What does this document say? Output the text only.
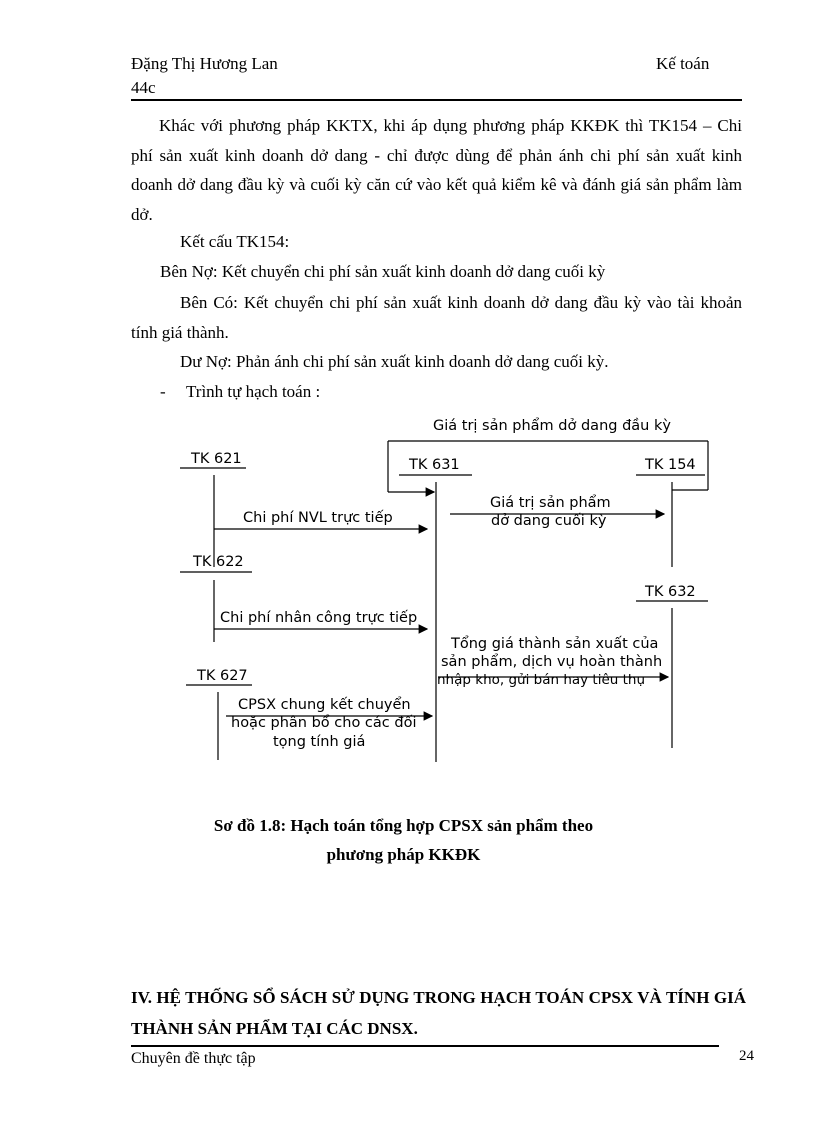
Đặng Thị Hương Lan
44c
Kế toán
Khác với phương pháp KKTX, khi áp dụng phương pháp KKĐK thì TK154 – Chi phí sản xuất kinh doanh dở dang - chỉ được dùng để phản ánh chi phí sản xuất kinh doanh dở dang đầu kỳ và cuối kỳ căn cứ vào kết quả kiểm kê và đánh giá sản phẩm làm dở.
Kết cấu TK154:
Bên Nợ: Kết chuyển chi phí sản xuất kinh doanh dở dang cuối kỳ
Bên Có: Kết chuyển chi phí sản xuất kinh doanh dở dang đầu kỳ vào tài khoản tính giá thành.
Dư Nợ: Phản ánh chi phí sản xuất kinh doanh dở dang cuối kỳ.
- Trình tự hạch toán :
Giá trị sản phẩm dở dang đầu kỳ
TK 621	TK 631	TK 154
TK 622
TK 632
TK 627
Chi phí NVL trực tiếp
Chi phí nhân công trực tiếp
Giá trị sản phẩm
dở dang cuối kỳ
Tổng giá thành sản xuất của
sản phẩm, dịch vụ hoàn thành
nhập kho, gửi bán hay tiêu thụ
CPSX chung kết chuyển
hoặc phân bổ cho các đối
tọng tính giá
Sơ đồ 1.8: Hạch toán tổng hợp CPSX sản phẩm theo
phương pháp KKĐK
IV. HỆ THỐNG SỔ SÁCH SỬ DỤNG TRONG HẠCH TOÁN CPSX VÀ TÍNH GIÁ THÀNH SẢN PHẨM TẠI CÁC DNSX.
Chuyên đề thực tập	24
